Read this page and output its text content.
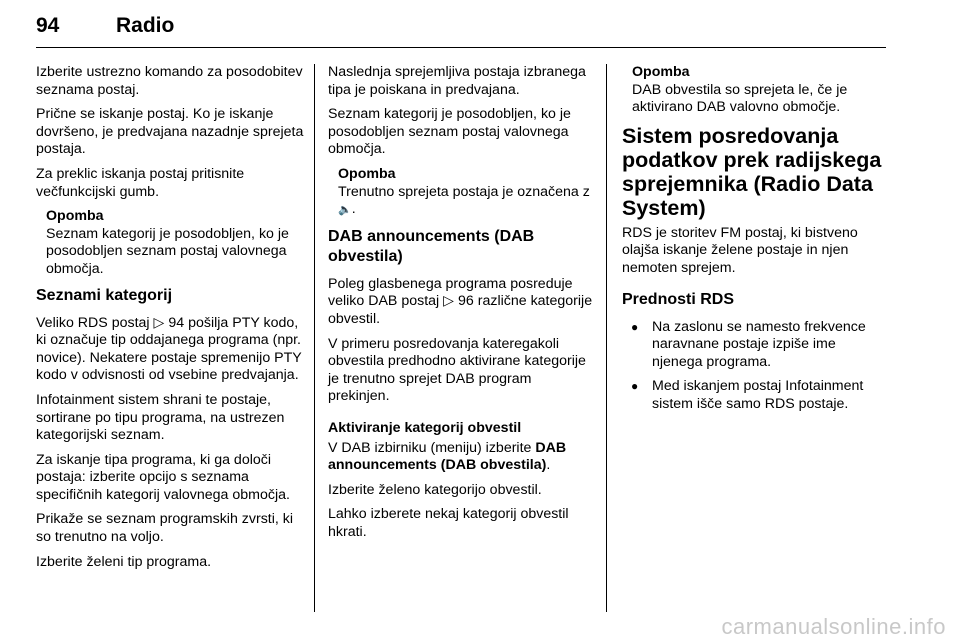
94	Radio

Izberite ustrezno komando za posodobitev seznama postaj.

Prične se iskanje postaj. Ko je iskanje dovršeno, je predvajana nazadnje sprejeta postaja.

Za preklic iskanja postaj pritisnite večfunkcijski gumb.

Opomba
Seznam kategorij je posodobljen, ko je posodobljen seznam postaj valovnega območja.
Seznami kategorij

Veliko RDS postaj ▷ 94 pošilja PTY kodo, ki označuje tip oddajanega programa (npr. novice). Nekatere postaje spremenijo PTY kodo v odvisnosti od vsebine predvajanja.

Infotainment sistem shrani te postaje, sortirane po tipu programa, na ustrezen kategorijski seznam.

Za iskanje tipa programa, ki ga določi postaja: izberite opcijo s seznama specifičnih kategorij valovnega območja.

Prikaže se seznam programskih zvrsti, ki so trenutno na voljo.

Izberite želeni tip programa.

Naslednja sprejemljiva postaja izbranega tipa je poiskana in predvajana.

Seznam kategorij je posodobljen, ko je posodobljen seznam postaj valovnega območja.

Opomba
Trenutno sprejeta postaja je označena z 🔈.
DAB announcements (DAB obvestila)

Poleg glasbenega programa posreduje veliko DAB postaj ▷ 96 različne kategorije obvestil.

V primeru posredovanja kateregakoli obvestila predhodno aktivirane kategorije je trenutno sprejet DAB program prekinjen.

Aktiviranje kategorij obvestil

V DAB izbirniku (meniju) izberite DAB announcements (DAB obvestila).

Izberite želeno kategorijo obvestil.

Lahko izberete nekaj kategorij obvestil hkrati.

Opomba
DAB obvestila so sprejeta le, če je aktivirano DAB valovno območje.
Sistem posredovanja podatkov prek radijskega sprejemnika (Radio Data System)

RDS je storitev FM postaj, ki bistveno olajša iskanje želene postaje in njen nemoten sprejem.

Prednosti RDS
● Na zaslonu se namesto frekvence naravnane postaje izpiše ime njenega programa.
● Med iskanjem postaj Infotainment sistem išče samo RDS postaje.
carmanualsonline.info
